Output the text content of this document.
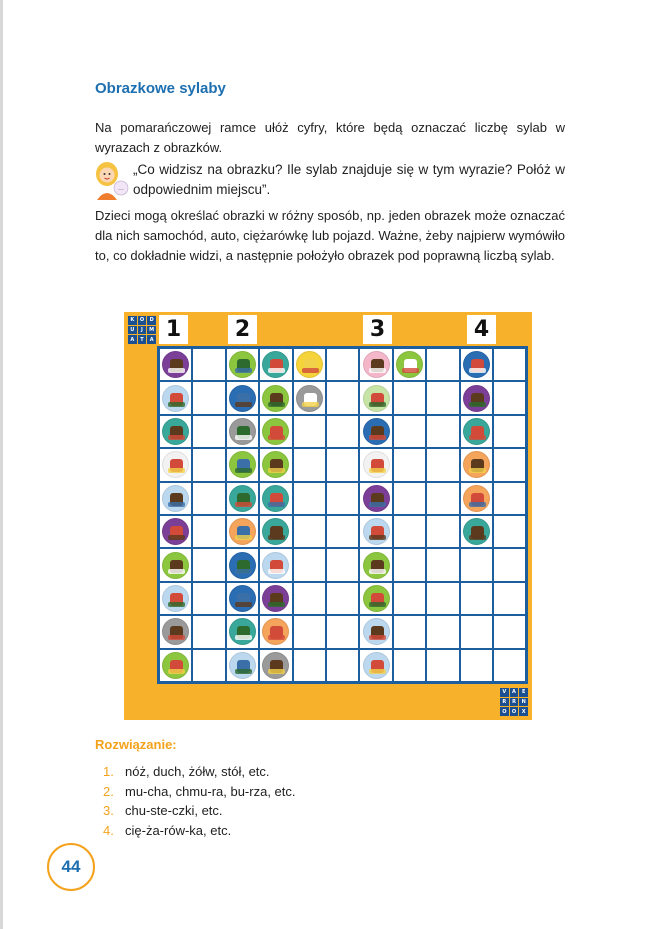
Obrazkowe sylaby

Na pomarańczowej ramce ułóż cyfry, które będą oznaczać liczbę sylab w wyrazach z obrazków.

...

„Co widzisz na obrazku? Ile sylab znajduje się w tym wyrazie? Połóż w odpowiednim miejscu”.

Dzieci mogą określać obrazki w różny sposób, np. jeden obrazek może oznaczać dla nich samochód, auto, ciężarówkę lub pojazd. Ważne, żeby najpierw wymówiło to, co dokładnie widzi, a następnie położyło obrazek pod poprawną liczbą sylab.

K	O	D
U	J	M
A	T	A 1	2	3	4
V	A	E
R	R	N
O	O	X

Rozwiązanie:

1. nóż, duch, żółw, stół, etc.
2. mu-cha, chmu-ra, bu-rza, etc.
3. chu-ste-czki, etc.
4. cię-ża-rów-ka, etc.
44
